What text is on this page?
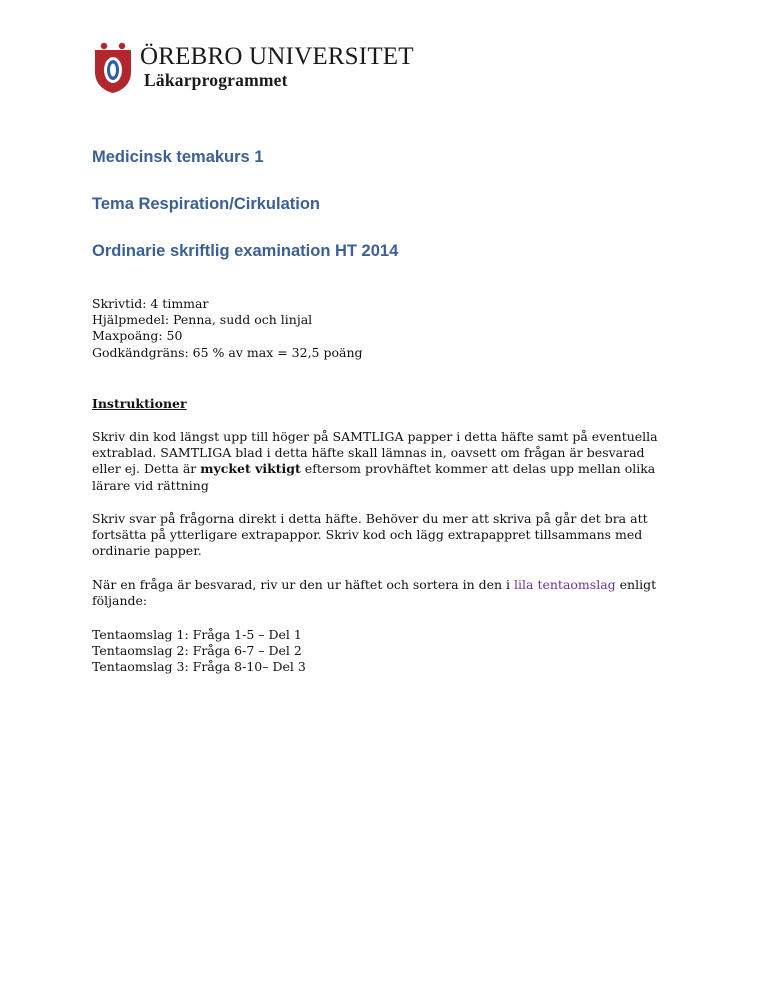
ÖREBRO UNIVERSITET
Läkarprogrammet
Medicinsk temakurs 1
Tema Respiration/Cirkulation
Ordinarie skriftlig examination HT 2014
Skrivtid: 4 timmar
Hjälpmedel: Penna, sudd och linjal
Maxpoäng: 50
Godkändgräns: 65 % av max = 32,5 poäng
Instruktioner
Skriv din kod längst upp till höger på SAMTLIGA papper i detta häfte samt på eventuella
extrablad. SAMTLIGA blad i detta häfte skall lämnas in, oavsett om frågan är besvarad
eller ej. Detta är mycket viktigt eftersom provhäftet kommer att delas upp mellan olika
lärare vid rättning
Skriv svar på frågorna direkt i detta häfte. Behöver du mer att skriva på går det bra att
fortsätta på ytterligare extrapappor. Skriv kod och lägg extrapappret tillsammans med
ordinarie papper.
När en fråga är besvarad, riv ur den ur häftet och sortera in den i lila tentaomslag enligt
följande:
Tentaomslag 1: Fråga 1-5 – Del 1
Tentaomslag 2: Fråga 6-7 – Del 2
Tentaomslag 3: Fråga 8-10– Del 3
